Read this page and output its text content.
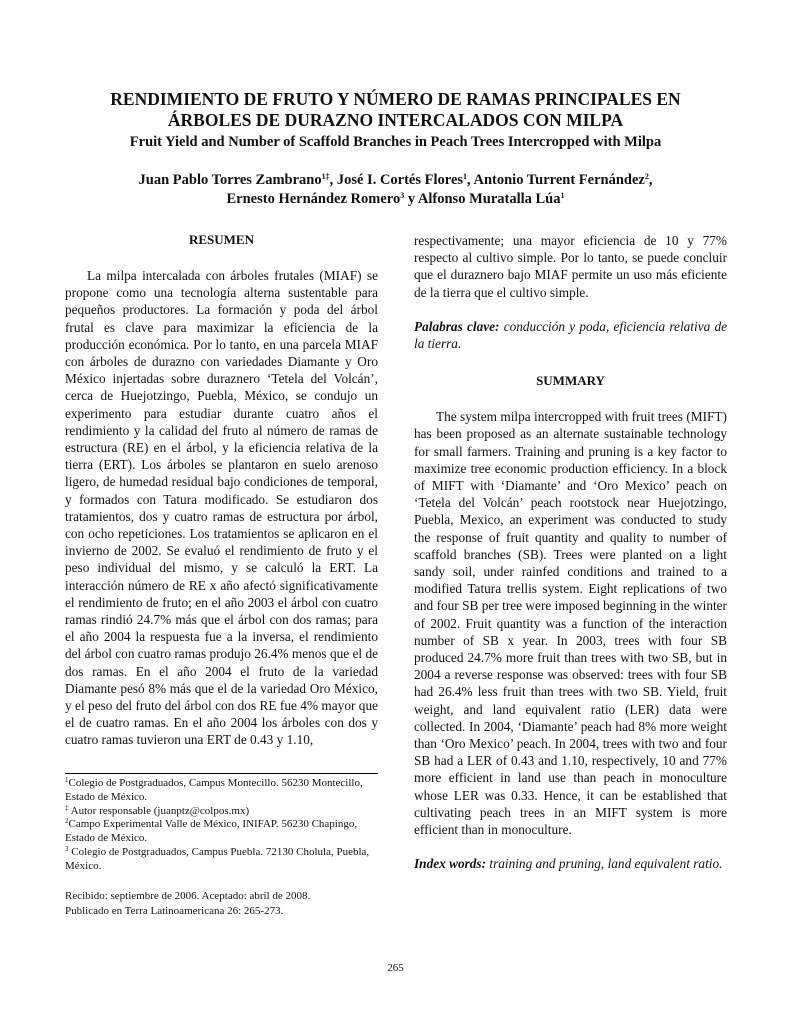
RENDIMIENTO DE FRUTO Y NÚMERO DE RAMAS PRINCIPALES EN
ÁRBOLES DE DURAZNO INTERCALADOS CON MILPA
Fruit Yield and Number of Scaffold Branches in Peach Trees Intercropped with Milpa
Juan Pablo Torres Zambrano$^{1\ddagger}$, José I. Cortés Flores$^1$, Antonio Turrent Fernández$^2$,
Ernesto Hernández Romero$^3$ y Alfonso Muratalla Lúa$^1$

RESUMEN

La milpa intercalada con árboles frutales (MIAF) se propone como una tecnología alterna sustentable para pequeños productores. La formación y poda del árbol frutal es clave para maximizar la eficiencia de la producción económica. Por lo tanto, en una parcela MIAF con árboles de durazno con variedades Diamante y Oro México injertadas sobre duraznero ‘Tetela del Volcán’, cerca de Huejotzingo, Puebla, México, se condujo un experimento para estudiar durante cuatro años el rendimiento y la calidad del fruto al número de ramas de estructura (RE) en el árbol, y la eficiencia relativa de la tierra (ERT). Los árboles se plantaron en suelo arenoso ligero, de humedad residual bajo condiciones de temporal, y formados con Tatura modificado. Se estudiaron dos tratamientos, dos y cuatro ramas de estructura por árbol, con ocho repeticiones. Los tratamientos se aplicaron en el invierno de 2002. Se evaluó el rendimiento de fruto y el peso individual del mismo, y se calculó la ERT. La interacción número de RE x año afectó significativamente el rendimiento de fruto; en el año 2003 el árbol con cuatro ramas rindió 24.7% más que el árbol con dos ramas; para el año 2004 la respuesta fue a la inversa, el rendimiento del árbol con cuatro ramas produjo 26.4% menos que el de dos ramas. En el año 2004 el fruto de la variedad Diamante pesó 8% más que el de la variedad Oro México, y el peso del fruto del árbol con dos RE fue 4% mayor que el de cuatro ramas. En el año 2004 los árboles con dos y cuatro ramas tuvieron una ERT de 0.43 y 1.10,

$^1$Colegio de Postgraduados, Campus Montecillo. 56230 Montecillo, Estado de México.

‡ Autor responsable (juanptz@colpos.mx)

$^2$Campo Experimental Valle de México, INIFAP. 56230 Chapingo, Estado de México.

$^3$ Colegio de Postgraduados, Campus Puebla. 72130 Cholula, Puebla, México.

Recibido: septiembre de 2006. Aceptado: abril de 2008.

Publicado en Terra Latinoamericana 26: 265-273.

respectivamente; una mayor eficiencia de 10 y 77% respecto al cultivo simple. Por lo tanto, se puede concluir que el duraznero bajo MIAF permite un uso más eficiente de la tierra que el cultivo simple.

Palabras clave: conducción y poda, eficiencia relativa de la tierra.

SUMMARY

The system milpa intercropped with fruit trees (MIFT) has been proposed as an alternate sustainable technology for small farmers. Training and pruning is a key factor to maximize tree economic production efficiency. In a block of MIFT with ‘Diamante’ and ‘Oro Mexico’ peach on ‘Tetela del Volcán’ peach rootstock near Huejotzingo, Puebla, Mexico, an experiment was conducted to study the response of fruit quantity and quality to number of scaffold branches (SB). Trees were planted on a light sandy soil, under rainfed conditions and trained to a modified Tatura trellis system. Eight replications of two and four SB per tree were imposed beginning in the winter of 2002. Fruit quantity was a function of the interaction number of SB x year. In 2003, trees with four SB produced 24.7% more fruit than trees with two SB, but in 2004 a reverse response was observed: trees with four SB had 26.4% less fruit than trees with two SB. Yield, fruit weight, and land equivalent ratio (LER) data were collected. In 2004, ‘Diamante’ peach had 8% more weight than ‘Oro Mexico’ peach. In 2004, trees with two and four SB had a LER of 0.43 and 1.10, respectively, 10 and 77% more efficient in land use than peach in monoculture whose LER was 0.33. Hence, it can be established that cultivating peach trees in an MIFT system is more efficient than in monoculture.

Index words: training and pruning, land equivalent ratio.

265
